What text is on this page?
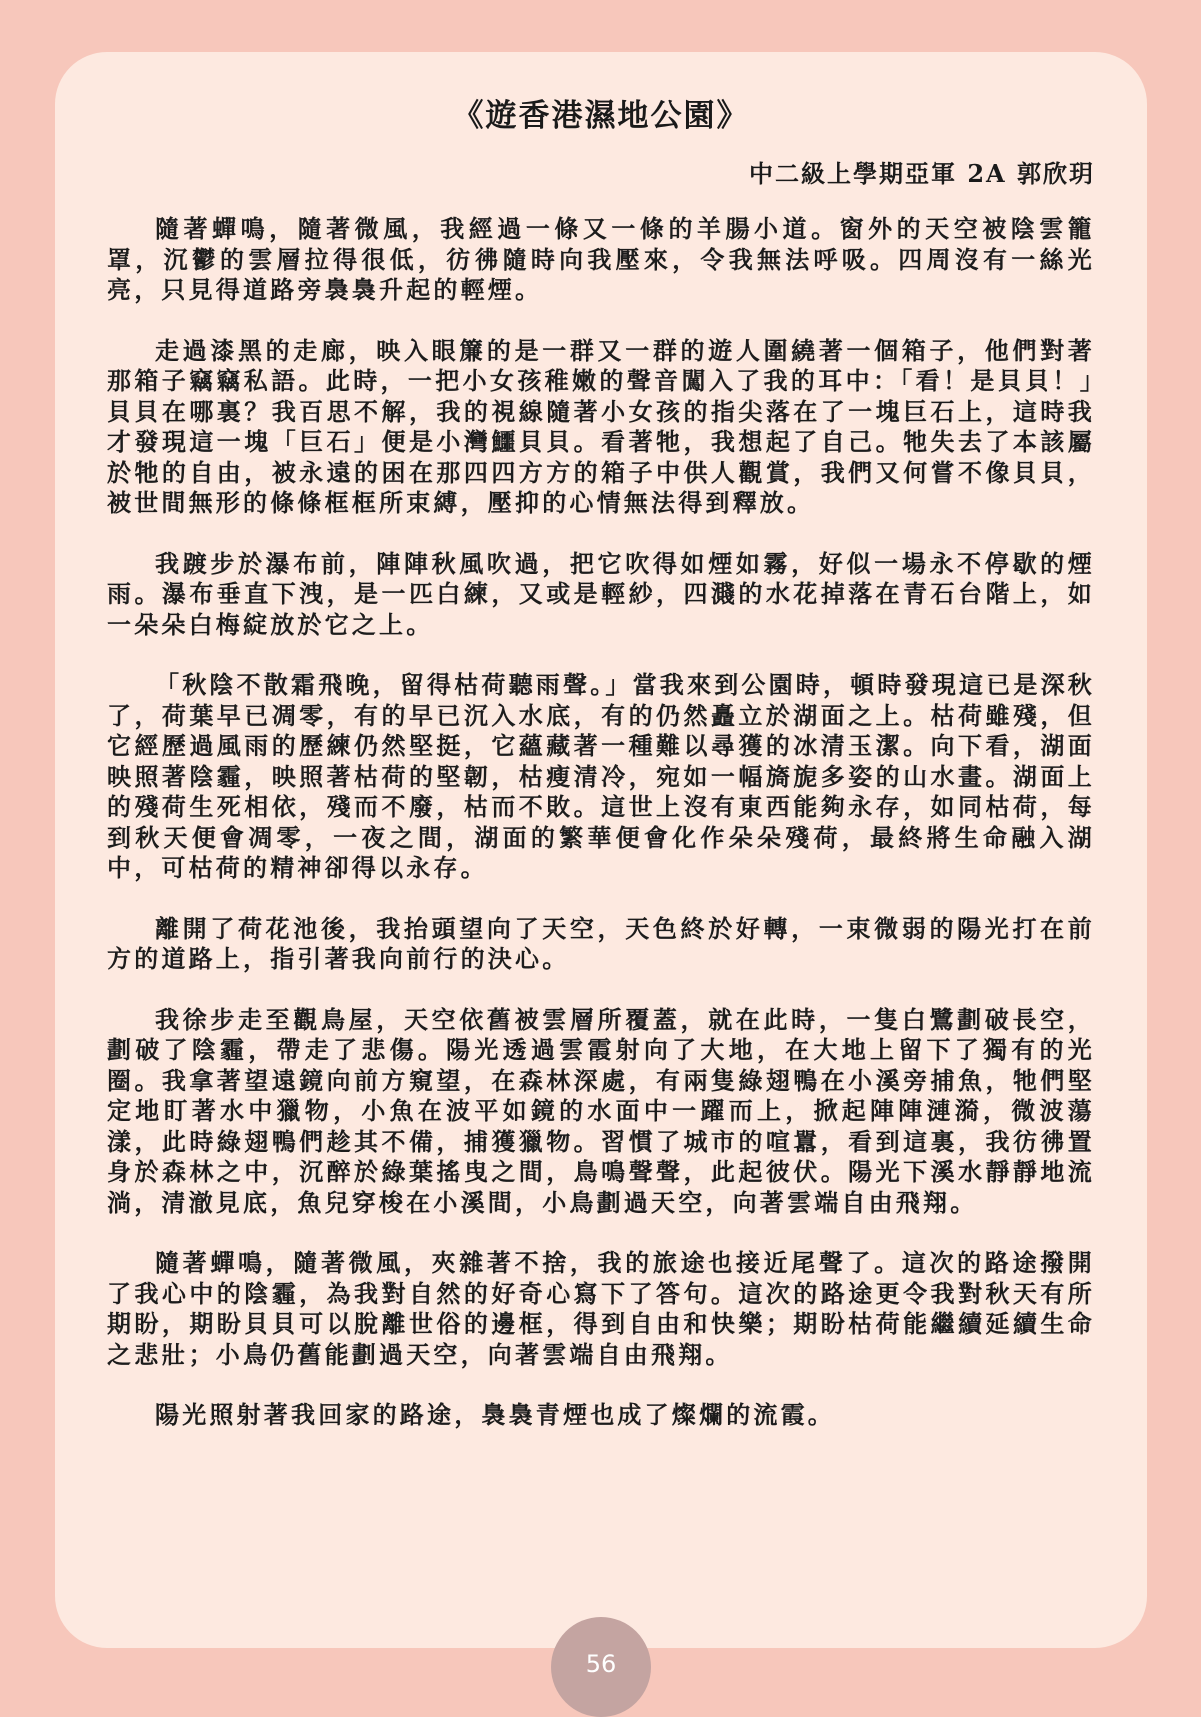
《遊香港濕地公園》

中二級上學期亞軍 2A 郭欣玥

隨著蟬鳴，隨著微風，我經過一條又一條的羊腸小道。窗外的天空被陰雲籠罩，沉鬱的雲層拉得很低，彷彿隨時向我壓來，令我無法呼吸。四周沒有一絲光亮，只見得道路旁裊裊升起的輕煙。

走過漆黑的走廊，映入眼簾的是一群又一群的遊人圍繞著一個箱子，他們對著那箱子竊竊私語。此時，一把小女孩稚嫩的聲音闖入了我的耳中：「看！是貝貝！」貝貝在哪裏？我百思不解，我的視線隨著小女孩的指尖落在了一塊巨石上，這時我才發現這一塊「巨石」便是小灣鱷貝貝。看著牠，我想起了自己。牠失去了本該屬於牠的自由，被永遠的困在那四四方方的箱子中供人觀賞，我們又何嘗不像貝貝，被世間無形的條條框框所束縛，壓抑的心情無法得到釋放。

我踱步於瀑布前，陣陣秋風吹過，把它吹得如煙如霧，好似一場永不停歇的煙雨。瀑布垂直下洩，是一匹白練，又或是輕紗，四濺的水花掉落在青石台階上，如一朵朵白梅綻放於它之上。

「秋陰不散霜飛晚，留得枯荷聽雨聲。」當我來到公園時，頓時發現這已是深秋了，荷葉早已凋零，有的早已沉入水底，有的仍然矗立於湖面之上。枯荷雖殘，但它經歷過風雨的歷練仍然堅挺，它蘊藏著一種難以尋獲的冰清玉潔。向下看，湖面映照著陰霾，映照著枯荷的堅韌，枯瘦清冷，宛如一幅旖旎多姿的山水畫。湖面上的殘荷生死相依，殘而不廢，枯而不敗。這世上沒有東西能夠永存，如同枯荷，每到秋天便會凋零，一夜之間，湖面的繁華便會化作朵朵殘荷，最終將生命融入湖中，可枯荷的精神卻得以永存。

離開了荷花池後，我抬頭望向了天空，天色終於好轉，一束微弱的陽光打在前方的道路上，指引著我向前行的決心。

我徐步走至觀鳥屋，天空依舊被雲層所覆蓋，就在此時，一隻白鷺劃破長空，劃破了陰霾，帶走了悲傷。陽光透過雲霞射向了大地，在大地上留下了獨有的光圈。我拿著望遠鏡向前方窺望，在森林深處，有兩隻綠翅鴨在小溪旁捕魚，牠們堅定地盯著水中獵物，小魚在波平如鏡的水面中一躍而上，掀起陣陣漣漪，微波蕩漾，此時綠翅鴨們趁其不備，捕獲獵物。習慣了城市的喧囂，看到這裏，我彷彿置身於森林之中，沉醉於綠葉搖曳之間，鳥鳴聲聲，此起彼伏。陽光下溪水靜靜地流淌，清澈見底，魚兒穿梭在小溪間，小鳥劃過天空，向著雲端自由飛翔。

隨著蟬鳴，隨著微風，夾雜著不捨，我的旅途也接近尾聲了。這次的路途撥開了我心中的陰霾，為我對自然的好奇心寫下了答句。這次的路途更令我對秋天有所期盼，期盼貝貝可以脫離世俗的邊框，得到自由和快樂；期盼枯荷能繼續延續生命之悲壯；小鳥仍舊能劃過天空，向著雲端自由飛翔。

陽光照射著我回家的路途，裊裊青煙也成了燦爛的流霞。

56
